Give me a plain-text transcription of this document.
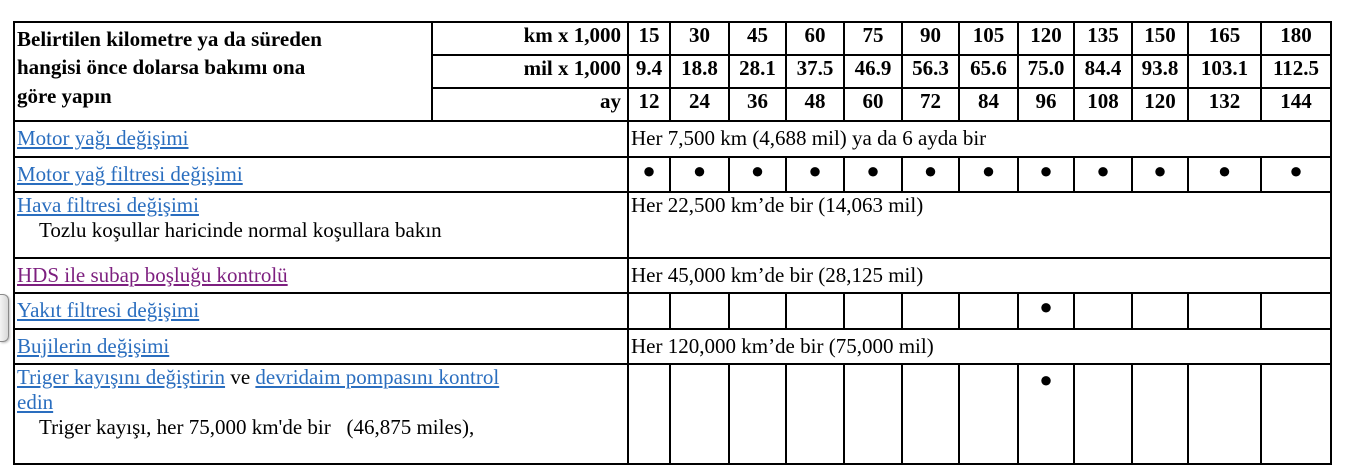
Belirtilen kilometre ya da süreden
hangisi önce dolarsa bakımı ona
göre yapın	km x 1,000	15	30	45	60	75	90	105	120	135	150	165	180
	mil x 1,000	9.4	18.8	28.1	37.5	46.9	56.3	65.6	75.0	84.4	93.8	103.1	112.5
	ay	12	24	36	48	60	72	84	96	108	120	132	144
Motor yağı değişimi		Her 7,500 km (4,688 mil) ya da 6 ayda bir											
Motor yağ filtresi değişimi		●	●	●	●	●	●	●	●	●	●	●	●
Hava filtresi değişimi
Tozlu koşullar haricinde normal koşullara bakın		Her 22,500 km’de bir (14,063 mil)											
HDS ile subap boşluğu kontrolü		Her 45,000 km’de bir (28,125 mil)											
Yakıt filtresi değişimi									●				
Bujilerin değişimi		Her 120,000 km’de bir (75,000 mil)											
Triger kayışını değiştirin ve devridaim pompasını kontrol
edin
Triger kayışı, her 75,000 km'de bir   (46,875 miles),									●				
